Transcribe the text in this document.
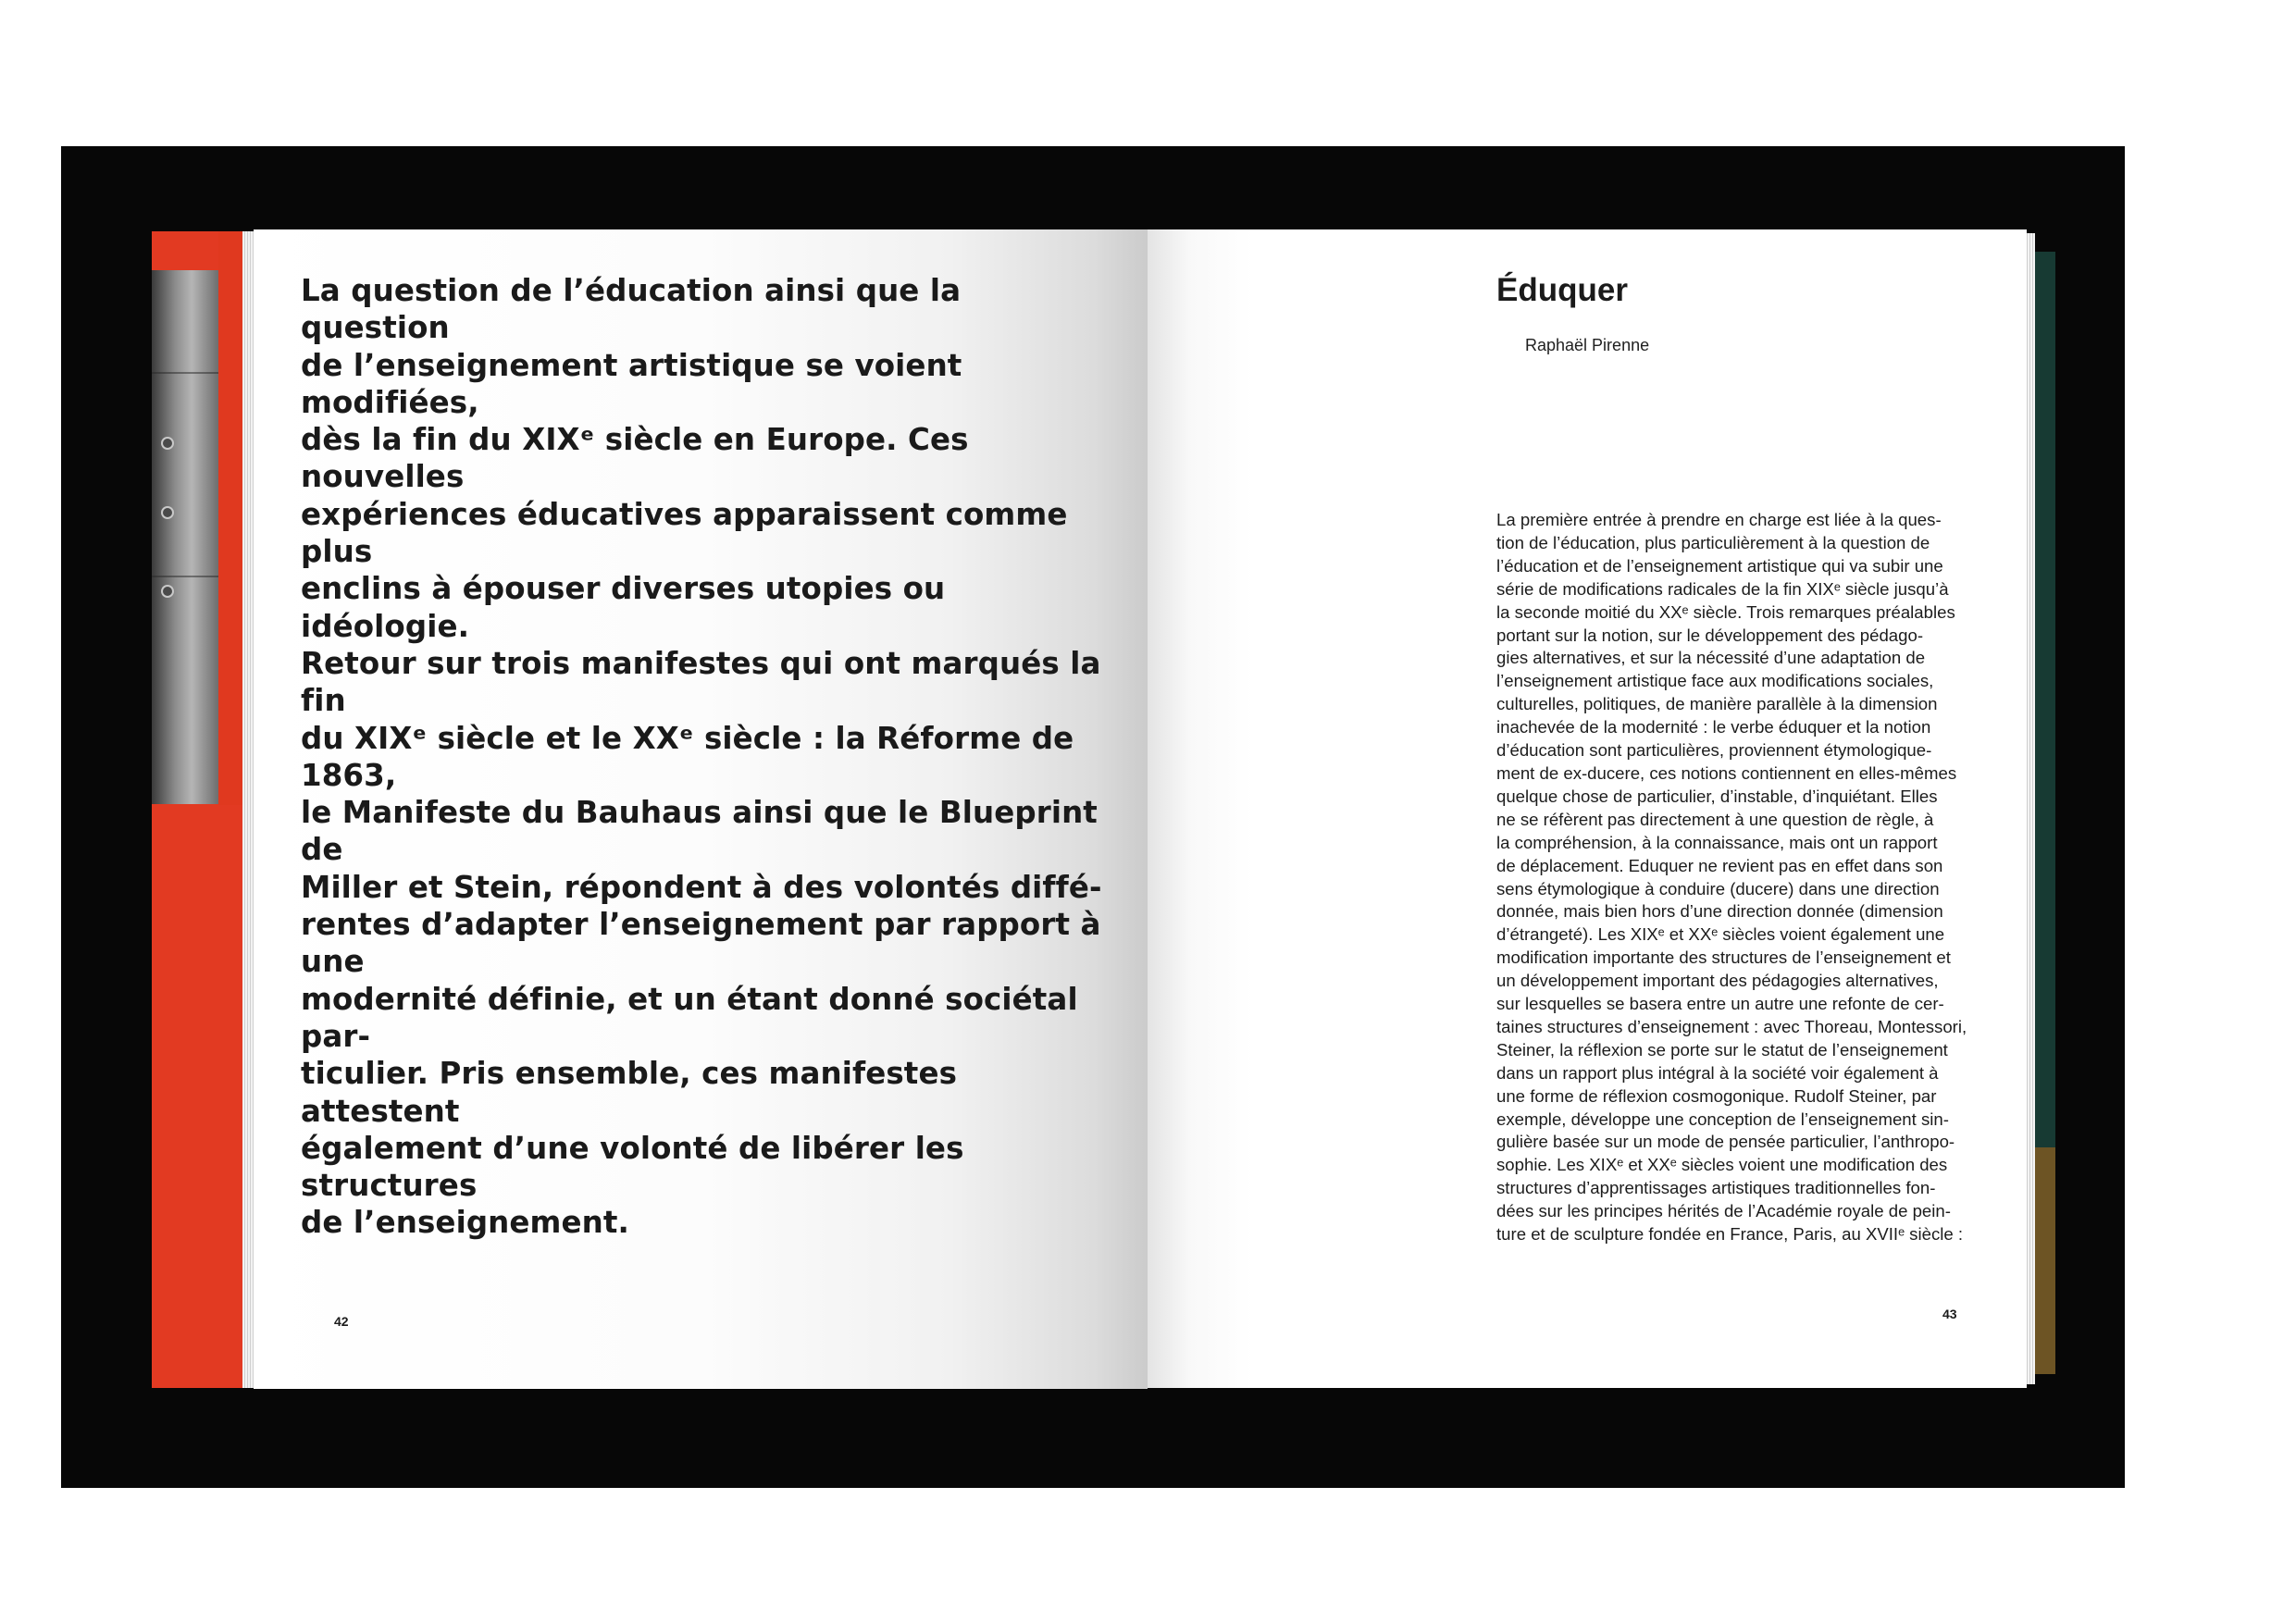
La question de l’éducation ainsi que la question
de l’enseignement artistique se voient modifiées,
dès la fin du XIXᵉ siècle en Europe. Ces nouvelles
expériences éducatives apparaissent comme plus
enclins à épouser diverses utopies ou idéologie.
Retour sur trois manifestes qui ont marqués la fin
du XIXᵉ siècle et le XXᵉ siècle : la Réforme de 1863,
le Manifeste du Bauhaus ainsi que le Blueprint de
Miller et Stein, répondent à des volontés diffé-
rentes d’adapter l’enseignement par rapport à une
modernité définie, et un étant donné sociétal par-
ticulier. Pris ensemble, ces manifestes attestent
également d’une volonté de libérer les structures
de l’enseignement.

42
Éduquer
Raphaël Pirenne
La première entrée à prendre en charge est liée à la ques-
tion de l’éducation, plus particulièrement à la question de
l’éducation et de l’enseignement artistique qui va subir une
série de modifications radicales de la fin XIXᵉ siècle jusqu’à
la seconde moitié du XXᵉ siècle. Trois remarques préalables
portant sur la notion, sur le développement des pédago-
gies alternatives, et sur la nécessité d’une adaptation de
l’enseignement artistique face aux modifications sociales,
culturelles, politiques, de manière parallèle à la dimension
inachevée de la modernité : le verbe éduquer et la notion
d’éducation sont particulières, proviennent étymologique-
ment de ex-ducere, ces notions contiennent en elles-mêmes
quelque chose de particulier, d’instable, d’inquiétant. Elles
ne se réfèrent pas directement à une question de règle, à
la compréhension, à la connaissance, mais ont un rapport
de déplacement. Eduquer ne revient pas en effet dans son
sens étymologique à conduire (ducere) dans une direction
donnée, mais bien hors d’une direction donnée (dimension
d’étrangeté). Les XIXᵉ et XXᵉ siècles voient également une
modification importante des structures de l’enseignement et
un développement important des pédagogies alternatives,
sur lesquelles se basera entre un autre une refonte de cer-
taines structures d’enseignement : avec Thoreau, Montessori,
Steiner, la réflexion se porte sur le statut de l’enseignement
dans un rapport plus intégral à la société voir également à
une forme de réflexion cosmogonique. Rudolf Steiner, par
exemple, développe une conception de l’enseignement sin-
gulière basée sur un mode de pensée particulier, l’anthropo-
sophie. Les XIXᵉ et XXᵉ siècles voient une modification des
structures d’apprentissages artistiques traditionnelles fon-
dées sur les principes hérités de l’Académie royale de pein-
ture et de sculpture fondée en France, Paris, au XVIIᵉ siècle :
43
